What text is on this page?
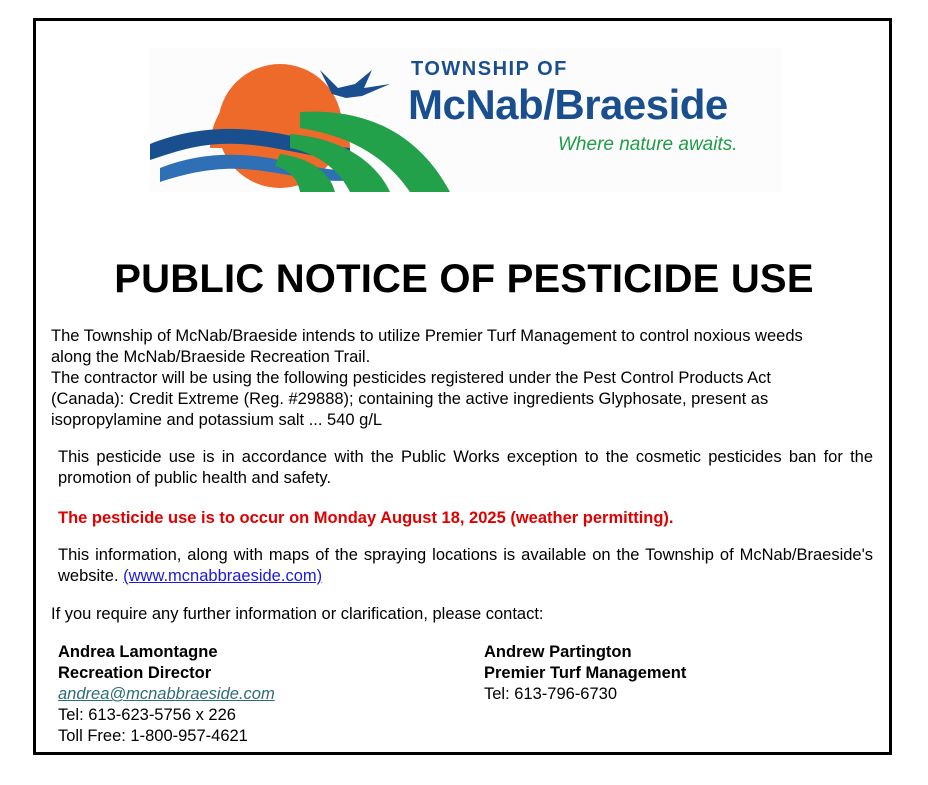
TOWNSHIP OF
McNab/Braeside
Where nature awaits.
PUBLIC NOTICE OF PESTICIDE USE
The Township of McNab/Braeside intends to utilize Premier Turf Management to control noxious weeds
along the McNab/Braeside Recreation Trail.
The contractor will be using the following pesticides registered under the Pest Control Products Act
(Canada): Credit Extreme (Reg. #29888); containing the active ingredients Glyphosate, present as
isopropylamine and potassium salt ... 540 g/L

This pesticide use is in accordance with the Public Works exception to the cosmetic pesticides ban for the promotion of public health and safety.

The pesticide use is to occur on Monday August 18, 2025 (weather permitting).

This information, along with maps of the spraying locations is available on the Township of McNab/Braeside's website. (www.mcnabbraeside.com)

If you require any further information or clarification, please contact:

Andrea Lamontagne
Recreation Director
andrea@mcnabbraeside.com
Tel: 613-623-5756 x 226
Toll Free: 1-800-957-4621
Andrew Partington
Premier Turf Management
Tel: 613-796-6730
